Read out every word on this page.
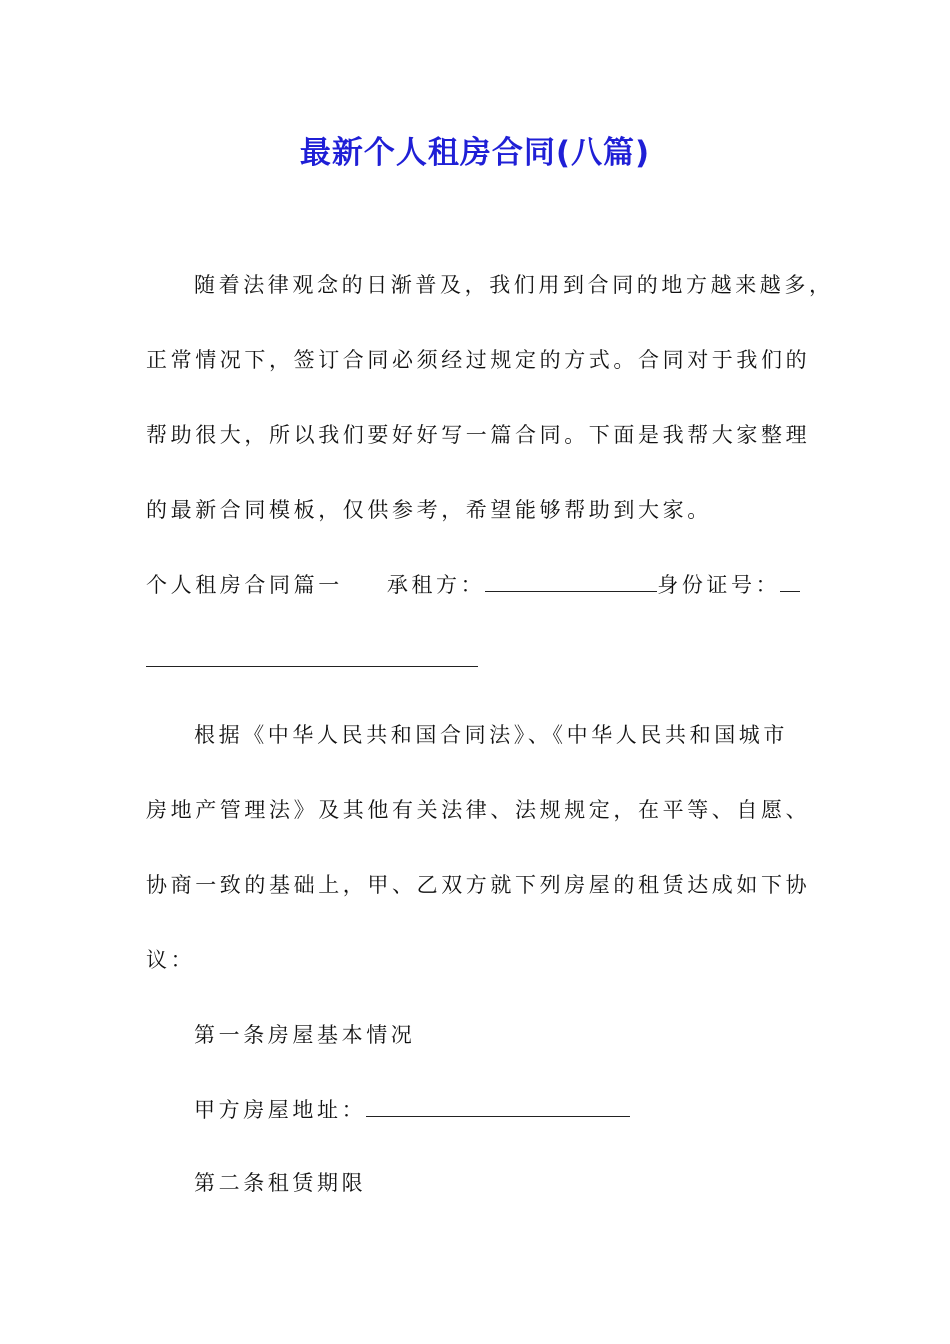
最新个人租房合同(八篇)
随着法律观念的日渐普及，我们用到合同的地方越来越多，
正常情况下，签订合同必须经过规定的方式。合同对于我们的
帮助很大，所以我们要好好写一篇合同。下面是我帮大家整理
的最新合同模板，仅供参考，希望能够帮助到大家。
个人租房合同篇一 承租方：	身份证号：
根据《中华人民共和国合同法》、《中华人民共和国城市
房地产管理法》及其他有关法律、法规规定，在平等、自愿、
协商一致的基础上，甲、乙双方就下列房屋的租赁达成如下协
议：
第一条房屋基本情况
甲方房屋地址：
第二条租赁期限
